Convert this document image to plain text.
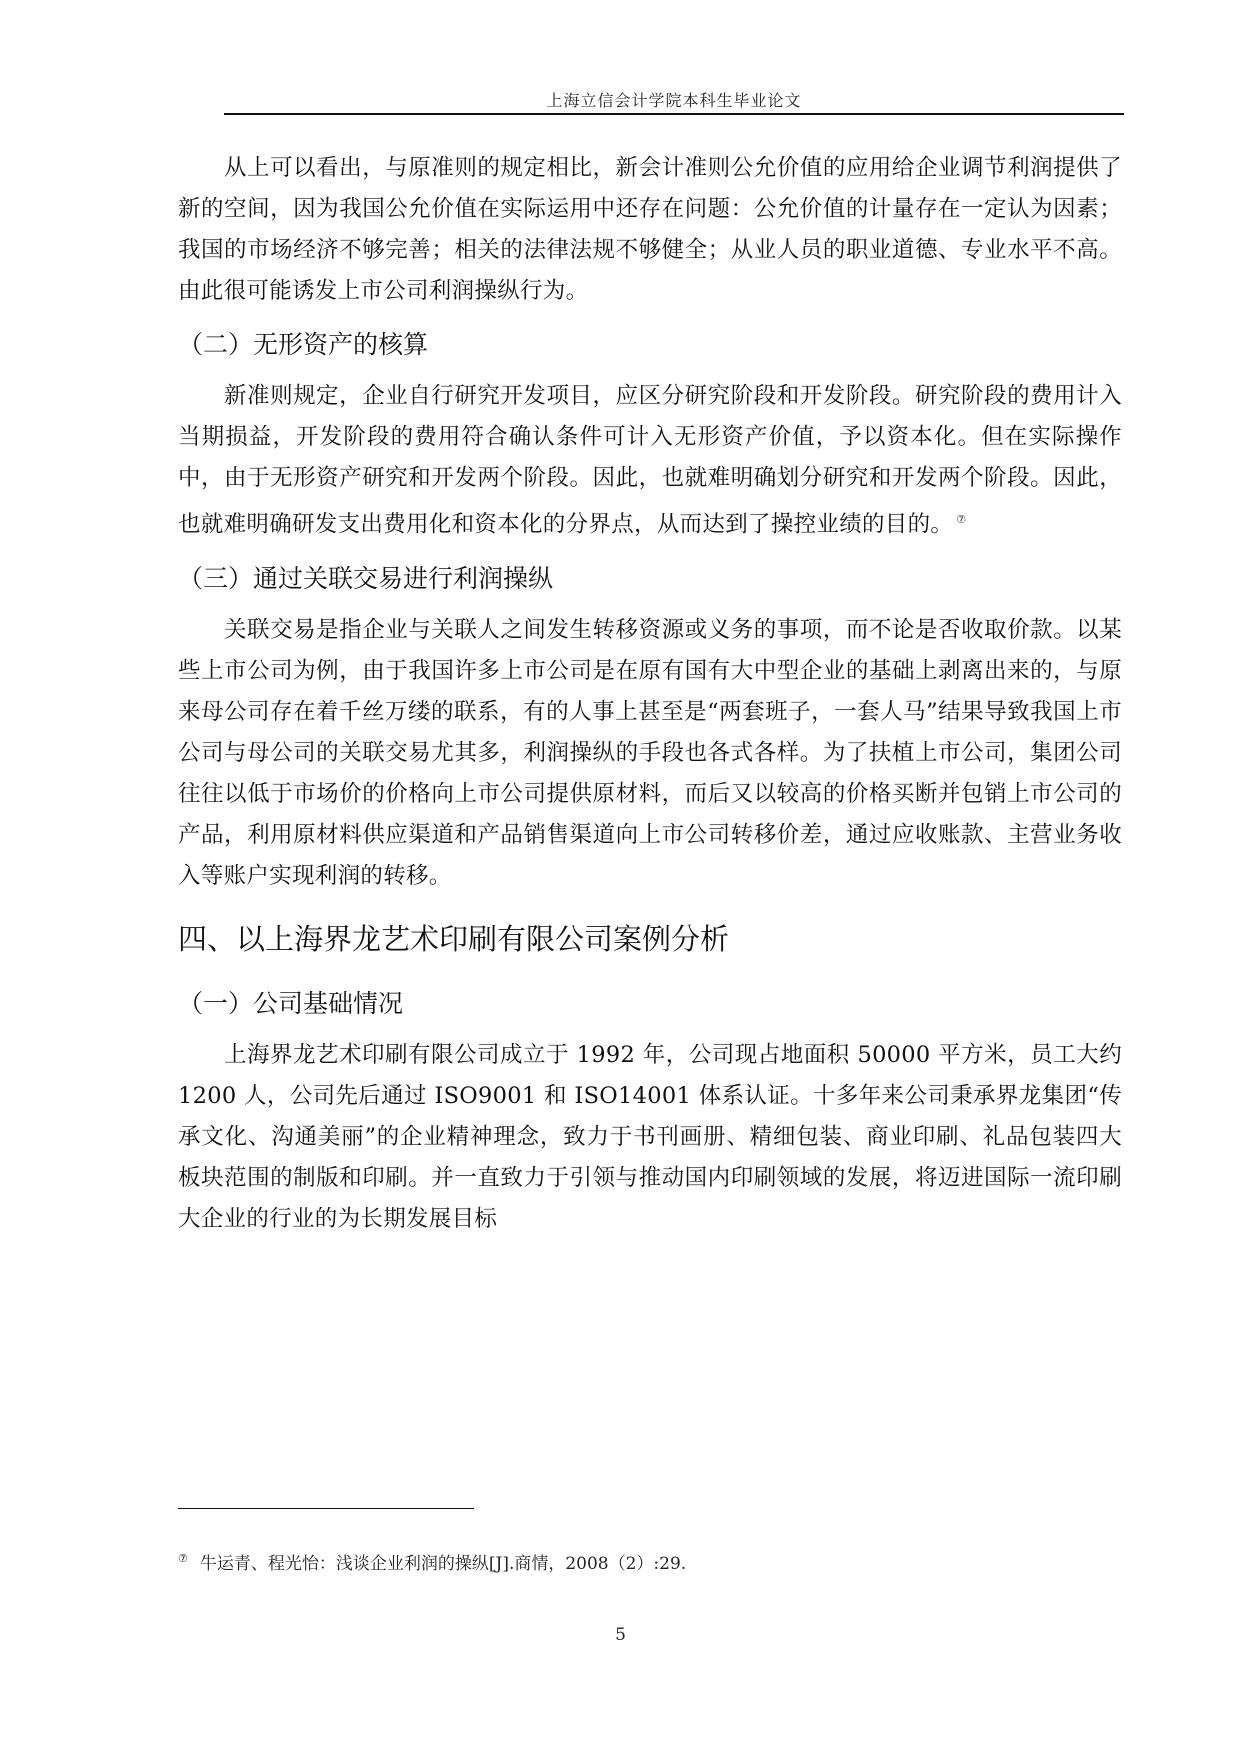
上海立信会计学院本科生毕业论文

从上可以看出，与原准则的规定相比，新会计准则公允价值的应用给企业调节利润提供了新的空间，因为我国公允价值在实际运用中还存在问题：公允价值的计量存在一定认为因素；我国的市场经济不够完善；相关的法律法规不够健全；从业人员的职业道德、专业水平不高。由此很可能诱发上市公司利润操纵行为。

（二）无形资产的核算

新准则规定，企业自行研究开发项目，应区分研究阶段和开发阶段。研究阶段的费用计入当期损益，开发阶段的费用符合确认条件可计入无形资产价值，予以资本化。但在实际操作中，由于无形资产研究和开发两个阶段。因此，也就难明确划分研究和开发两个阶段。因此，也就难明确研发支出费用化和资本化的分界点，从而达到了操控业绩的目的。 ⑦

（三）通过关联交易进行利润操纵

关联交易是指企业与关联人之间发生转移资源或义务的事项，而不论是否收取价款。以某些上市公司为例，由于我国许多上市公司是在原有国有大中型企业的基础上剥离出来的，与原来母公司存在着千丝万缕的联系，有的人事上甚至是“两套班子，一套人马”结果导致我国上市公司与母公司的关联交易尤其多，利润操纵的手段也各式各样。为了扶植上市公司，集团公司往往以低于市场价的价格向上市公司提供原材料，而后又以较高的价格买断并包销上市公司的产品，利用原材料供应渠道和产品销售渠道向上市公司转移价差，通过应收账款、主营业务收入等账户实现利润的转移。

四、以上海界龙艺术印刷有限公司案例分析
（一）公司基础情况

上海界龙艺术印刷有限公司成立于 1992 年，公司现占地面积 50000 平方米，员工大约 1200 人，公司先后通过 ISO9001 和 ISO14001 体系认证。十多年来公司秉承界龙集团“传承文化、沟通美丽”的企业精神理念，致力于书刊画册、精细包装、商业印刷、礼品包装四大板块范围的制版和印刷。并一直致力于引领与推动国内印刷领域的发展，将迈进国际一流印刷大企业的行业的为长期发展目标

⑦ 牛运青、程光怡：浅谈企业利润的操纵[J].商情，2008（2）:29.
5
